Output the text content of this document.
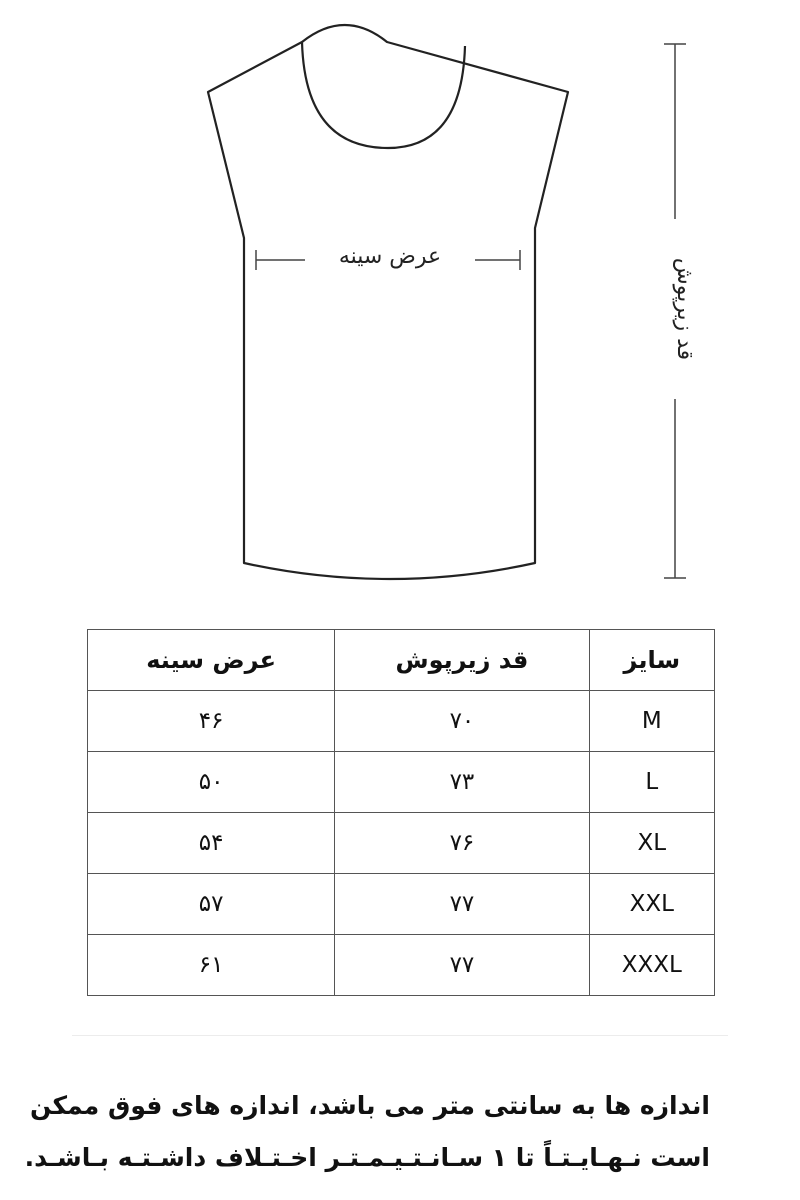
عرض سینه
قد زیرپوش
سایز	قد زیرپوش	عرض سینه
M	۷۰	۴۶
L	۷۳	۵۰
XL	۷۶	۵۴
XXL	۷۷	۵۷
XXXL	۷۷	۶۱

اندازه ها به سانتی متر می باشد، اندازه های فوق ممکن

است نـهـایـتـاً تا ۱ سـانـتـیـمـتـر اخـتـلاف داشـتـه بـاشـد.
